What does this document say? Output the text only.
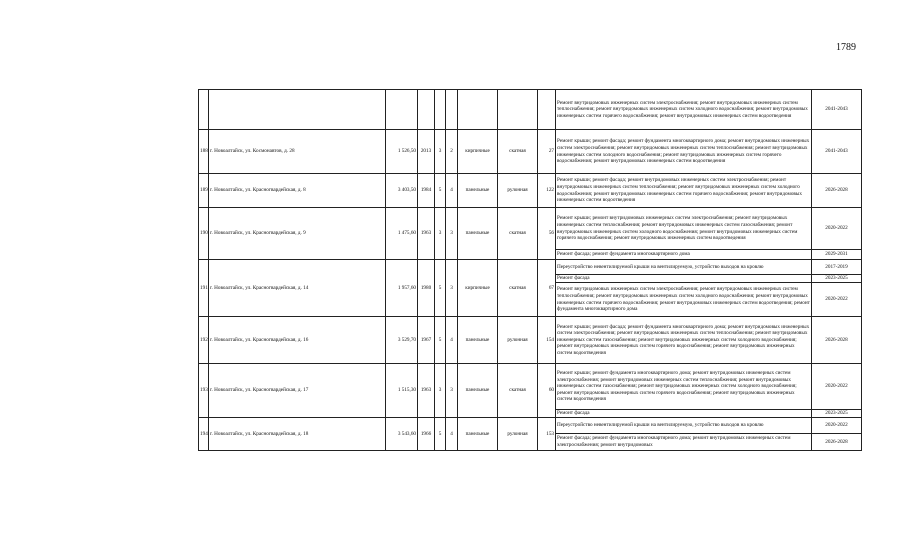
1789
									Ремонт внутридомовых инженерных систем электроснабжения; ремонт внутридомовых инженерных систем теплоснабжения; ремонт внутридомовых инженерных систем холодного водоснабжения; ремонт внутридомовых инженерных систем горячего водоснабжения; ремонт внутридомовых инженерных систем водоотведения	2041-2043
188	г. Новоалтайск, ул. Космонавтов, д. 28	1 526,50	2013	3	2	кирпичные	скатная	27	Ремонт крыши; ремонт фасада; ремонт фундамента многоквартирного дома; ремонт внутридомовых инженерных систем электроснабжения; ремонт внутридомовых инженерных систем теплоснабжения; ремонт внутридомовых инженерных систем холодного водоснабжения; ремонт внутридомовых инженерных систем горячего водоснабжения; ремонт внутридомовых инженерных систем водоотведения	2041-2043
189	г. Новоалтайск, ул. Красногвардейская, д. 8	3 403,50	1984	5	4	панельные	рулонная	122	Ремонт крыши; ремонт фасада; ремонт внутридомовых инженерных систем электроснабжения; ремонт внутридомовых инженерных систем теплоснабжения; ремонт внутридомовых инженерных систем холодного водоснабжения; ремонт внутридомовых инженерных систем горячего водоснабжения; ремонт внутридомовых инженерных систем водоотведения	2026-2028
190	г. Новоалтайск, ул. Красногвардейская, д. 9	1 475,60	1963	3	3	панельные	скатная	56	Ремонт крыши; ремонт внутридомовых инженерных систем электроснабжения; ремонт внутридомовых инженерных систем теплоснабжения; ремонт внутридомовых инженерных систем газоснабжения; ремонт внутридомовых инженерных систем холодного водоснабжения; ремонт внутридомовых инженерных систем горячего водоснабжения; ремонт внутридомовых инженерных систем водоотведения	2020-2022
									Ремонт фасада; ремонт фундамента многоквартирного дома	2029-2031
191	г. Новоалтайск, ул. Красногвардейская, д. 14	1 957,60	1980	5	3	кирпичные	скатная	67	Переустройство невентилируемой крыши на вентилируемую, устройство выходов на кровлю	2017-2019
									Ремонт фасада	2023-2025
									Ремонт внутридомовых инженерных систем электроснабжения; ремонт внутридомовых инженерных систем теплоснабжения; ремонт внутридомовых инженерных систем холодного водоснабжения; ремонт внутридомовых инженерных систем горячего водоснабжения; ремонт внутридомовых инженерных систем водоотведения; ремонт фундамента многоквартирного дома	2020-2022
192	г. Новоалтайск, ул. Красногвардейская, д. 16	3 529,70	1967	5	4	панельные	рулонная	154	Ремонт крыши; ремонт фасада; ремонт фундамента многоквартирного дома; ремонт внутридомовых инженерных систем электроснабжения; ремонт внутридомовых инженерных систем теплоснабжения; ремонт внутридомовых инженерных систем газоснабжения; ремонт внутридомовых инженерных систем холодного водоснабжения; ремонт внутридомовых инженерных систем горячего водоснабжения; ремонт внутридомовых инженерных систем водоотведения	2026-2028
193	г. Новоалтайск, ул. Красногвардейская, д. 17	1 515,30	1963	3	3	панельные	скатная	60	Ремонт крыши; ремонт фундамента многоквартирного дома; ремонт внутридомовых инженерных систем электроснабжения; ремонт внутридомовых инженерных систем теплоснабжения; ремонт внутридомовых инженерных систем газоснабжения; ремонт внутридомовых инженерных систем холодного водоснабжения; ремонт внутридомовых инженерных систем горячего водоснабжения; ремонт внутридомовых инженерных систем водоотведения	2020-2022
									Ремонт фасада	2023-2025
194	г. Новоалтайск, ул. Красногвардейская, д. 18	3 543,60	1966	5	4	панельные	рулонная	153	Переустройство невентилируемой крыши на вентилируемую, устройство выходов на кровлю	2020-2022
									Ремонт фасада; ремонт фундамента многоквартирного дома; ремонт внутридомовых инженерных систем электроснабжения; ремонт внутридомовых	2026-2028
